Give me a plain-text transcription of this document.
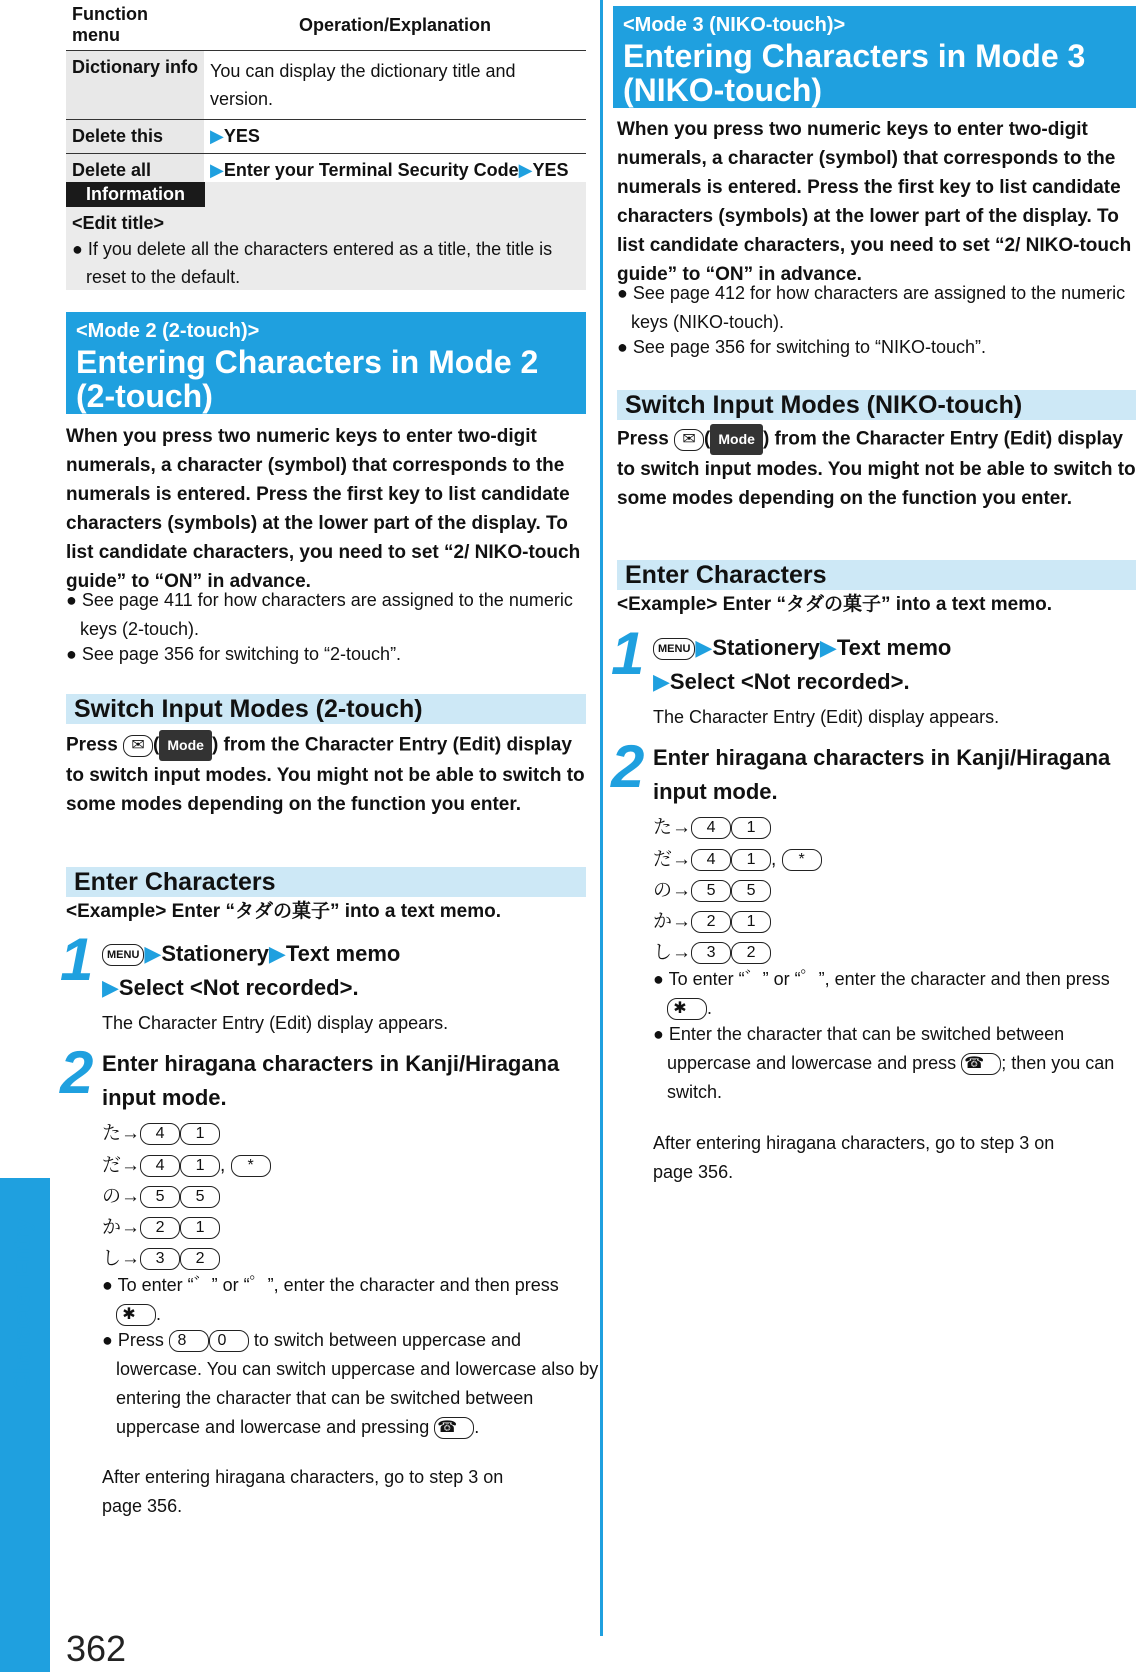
Character Entry
362
Function menu	Operation/Explanation
Dictionary info	You can display the dictionary title and version.
Delete this	▶YES
Delete all	▶Enter your Terminal Security Code▶YES
Information
<Edit title>
● If you delete all the characters entered as a title, the title is reset to the default.
<Mode 2 (2-touch)>
Entering Characters in Mode 2 (2-touch)
When you press two numeric keys to enter two-digit numerals, a character (symbol) that corresponds to the numerals is entered. Press the first key to list candidate characters (symbols) at the lower part of the display. To list candidate characters, you need to set “2/ NIKO-touch guide” to “ON” in advance.
● See page 411 for how characters are assigned to the numeric keys (2-touch).
● See page 356 for switching to “2-touch”.
Switch Input Modes (2-touch)
Press ✉ ( Mode ) from the Character Entry (Edit) display to switch input modes. You might not be able to switch to some modes depending on the function you enter.
Enter Characters
<Example> Enter “タダの菓子” into a text memo.
1	MENU ▶Stationery▶Text memo
▶Select <Not recorded>.
The Character Entry (Edit) display appears.
2 Enter hiragana characters in Kanji/Hiragana input mode.
た→ 4 1
だ→ 4 1 , *
の→ 5 5
か→ 2 1
し→ 3 2
● To enter “゛” or “゜”, enter the character and then press ✱ .
● Press 8 0 to switch between uppercase and lowercase. You can switch uppercase and lowercase also by entering the character that can be switched between uppercase and lowercase and pressing ☎ .
After entering hiragana characters, go to step 3 on page 356.
<Mode 3 (NIKO-touch)>
Entering Characters in Mode 3 (NIKO-touch)
When you press two numeric keys to enter two-digit numerals, a character (symbol) that corresponds to the numerals is entered. Press the first key to list candidate characters (symbols) at the lower part of the display. To list candidate characters, you need to set “2/ NIKO-touch guide” to “ON” in advance.
● See page 412 for how characters are assigned to the numeric keys (NIKO-touch).
● See page 356 for switching to “NIKO-touch”.
Switch Input Modes (NIKO-touch)
Press ✉ ( Mode ) from the Character Entry (Edit) display to switch input modes. You might not be able to switch to some modes depending on the function you enter.
Enter Characters
<Example> Enter “タダの菓子” into a text memo.
1	MENU ▶Stationery▶Text memo
▶Select <Not recorded>.
The Character Entry (Edit) display appears.
2 Enter hiragana characters in Kanji/Hiragana input mode.
た→ 4 1
だ→ 4 1 , *
の→ 5 5
か→ 2 1
し→ 3 2
● To enter “゛” or “゜”, enter the character and then press ✱ .
● Enter the character that can be switched between uppercase and lowercase and press ☎ ; then you can switch.
After entering hiragana characters, go to step 3 on page 356.
